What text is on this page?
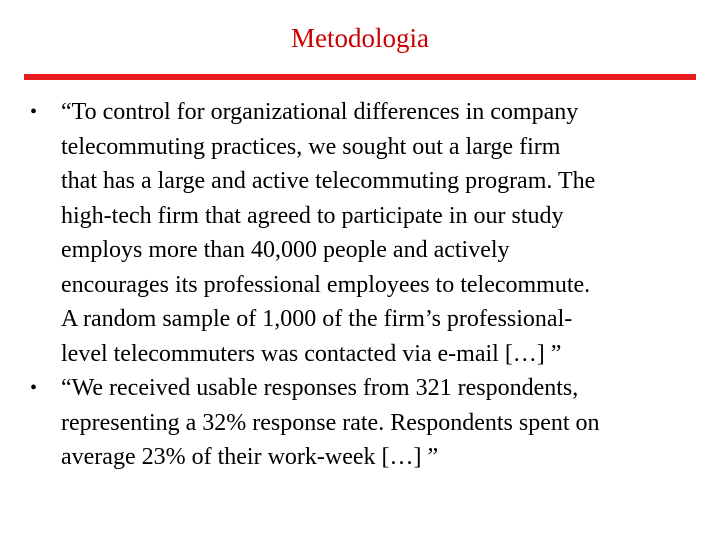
Metodologia
• “To control for organizational differences in company
telecommuting practices, we sought out a large firm
that has a large and active telecommuting program. The
high-tech firm that agreed to participate in our study
employs more than 40,000 people and actively
encourages its professional employees to telecommute.
A random sample of 1,000 of the firm’s professional-
level telecommuters was contacted via e-mail […] ”
• “We received usable responses from 321 respondents,
representing a 32% response rate. Respondents spent on
average 23% of their work-week […] ”
